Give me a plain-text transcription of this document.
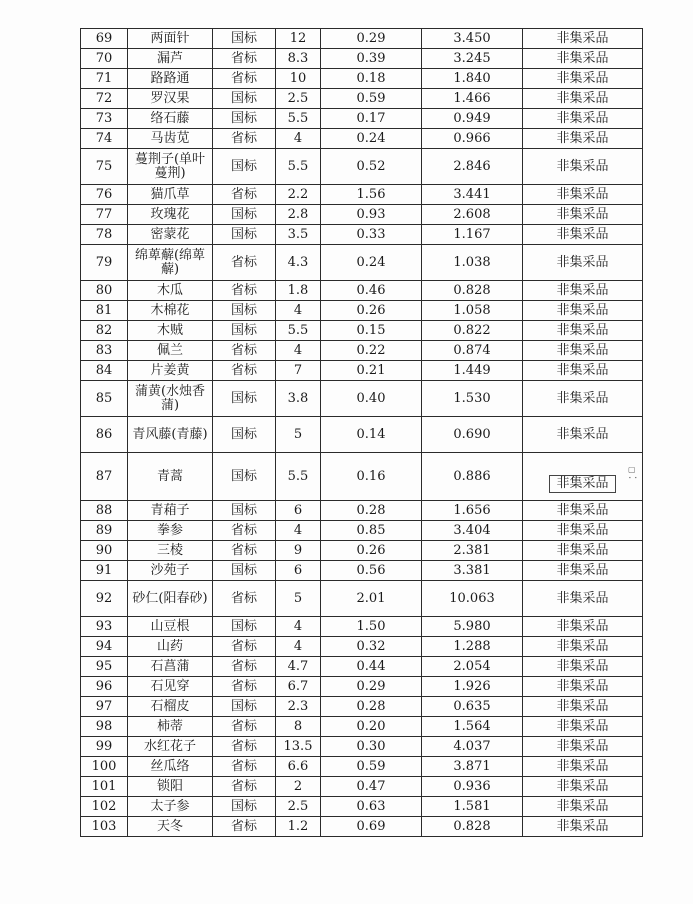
69	两面针	国标	12	0.29	3.450	非集采品
70	漏芦	省标	8.3	0.39	3.245	非集采品
71	路路通	省标	10	0.18	1.840	非集采品
72	罗汉果	国标	2.5	0.59	1.466	非集采品
73	络石藤	国标	5.5	0.17	0.949	非集采品
74	马齿苋	省标	4	0.24	0.966	非集采品
75	蔓荆子(单叶蔓荆)	国标	5.5	0.52	2.846	非集采品
76	猫爪草	省标	2.2	1.56	3.441	非集采品
77	玫瑰花	国标	2.8	0.93	2.608	非集采品
78	密蒙花	国标	3.5	0.33	1.167	非集采品
79	绵萆薢(绵萆薢)	省标	4.3	0.24	1.038	非集采品
80	木瓜	省标	1.8	0.46	0.828	非集采品
81	木棉花	国标	4	0.26	1.058	非集采品
82	木贼	国标	5.5	0.15	0.822	非集采品
83	佩兰	省标	4	0.22	0.874	非集采品
84	片姜黄	省标	7	0.21	1.449	非集采品
85	蒲黄(水烛香蒲)	国标	3.8	0.40	1.530	非集采品
86	青风藤(青藤)	国标	5	0.14	0.690	非集采品
87	青蒿	国标	5.5	0.16	0.886	非集采品
88	青葙子	国标	6	0.28	1.656	非集采品
89	拳参	省标	4	0.85	3.404	非集采品
90	三棱	省标	9	0.26	2.381	非集采品
91	沙苑子	国标	6	0.56	3.381	非集采品
92	砂仁(阳春砂)	省标	5	2.01	10.063	非集采品
93	山豆根	国标	4	1.50	5.980	非集采品
94	山药	省标	4	0.32	1.288	非集采品
95	石菖蒲	省标	4.7	0.44	2.054	非集采品
96	石见穿	省标	6.7	0.29	1.926	非集采品
97	石榴皮	国标	2.3	0.28	0.635	非集采品
98	柿蒂	省标	8	0.20	1.564	非集采品
99	水红花子	省标	13.5	0.30	4.037	非集采品
100	丝瓜络	省标	6.6	0.59	3.871	非集采品
101	锁阳	省标	2	0.47	0.936	非集采品
102	太子参	国标	2.5	0.63	1.581	非集采品
103	天冬	省标	1.2	0.69	0.828	非集采品
▢
⠂⠂
